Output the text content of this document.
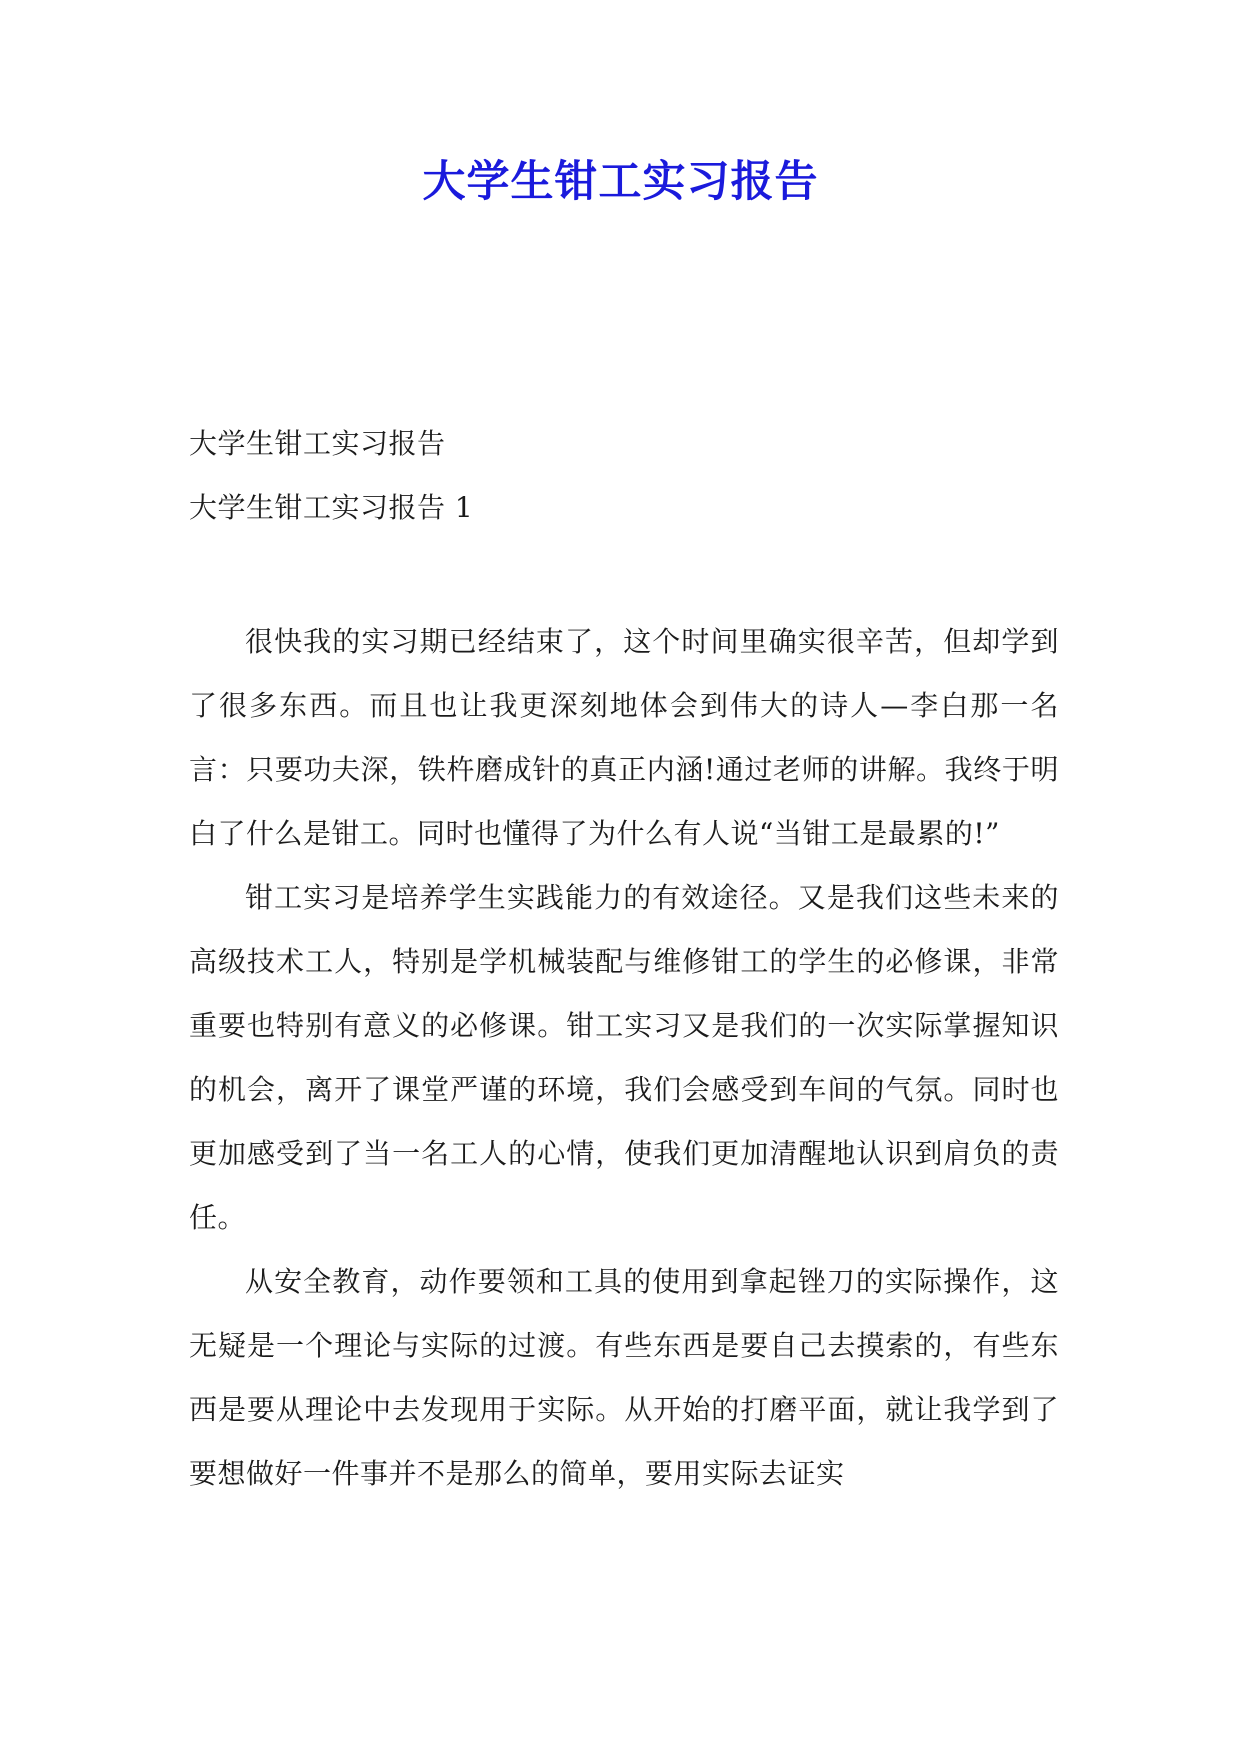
大学生钳工实习报告

大学生钳工实习报告

大学生钳工实习报告 1

很快我的实习期已经结束了，这个时间里确实很辛苦，但却学到了很多东西。而且也让我更深刻地体会到伟大的诗人—李白那一名言：只要功夫深，铁杵磨成针的真正内涵!通过老师的讲解。我终于明白了什么是钳工。同时也懂得了为什么有人说“当钳工是最累的!”

钳工实习是培养学生实践能力的有效途径。又是我们这些未来的高级技术工人，特别是学机械装配与维修钳工的学生的必修课，非常重要也特别有意义的必修课。钳工实习又是我们的一次实际掌握知识的机会，离开了课堂严谨的环境，我们会感受到车间的气氛。同时也更加感受到了当一名工人的心情，使我们更加清醒地认识到肩负的责任。

从安全教育，动作要领和工具的使用到拿起锉刀的实际操作，这无疑是一个理论与实际的过渡。有些东西是要自己去摸索的，有些东西是要从理论中去发现用于实际。从开始的打磨平面，就让我学到了要想做好一件事并不是那么的简单，要用实际去证实
